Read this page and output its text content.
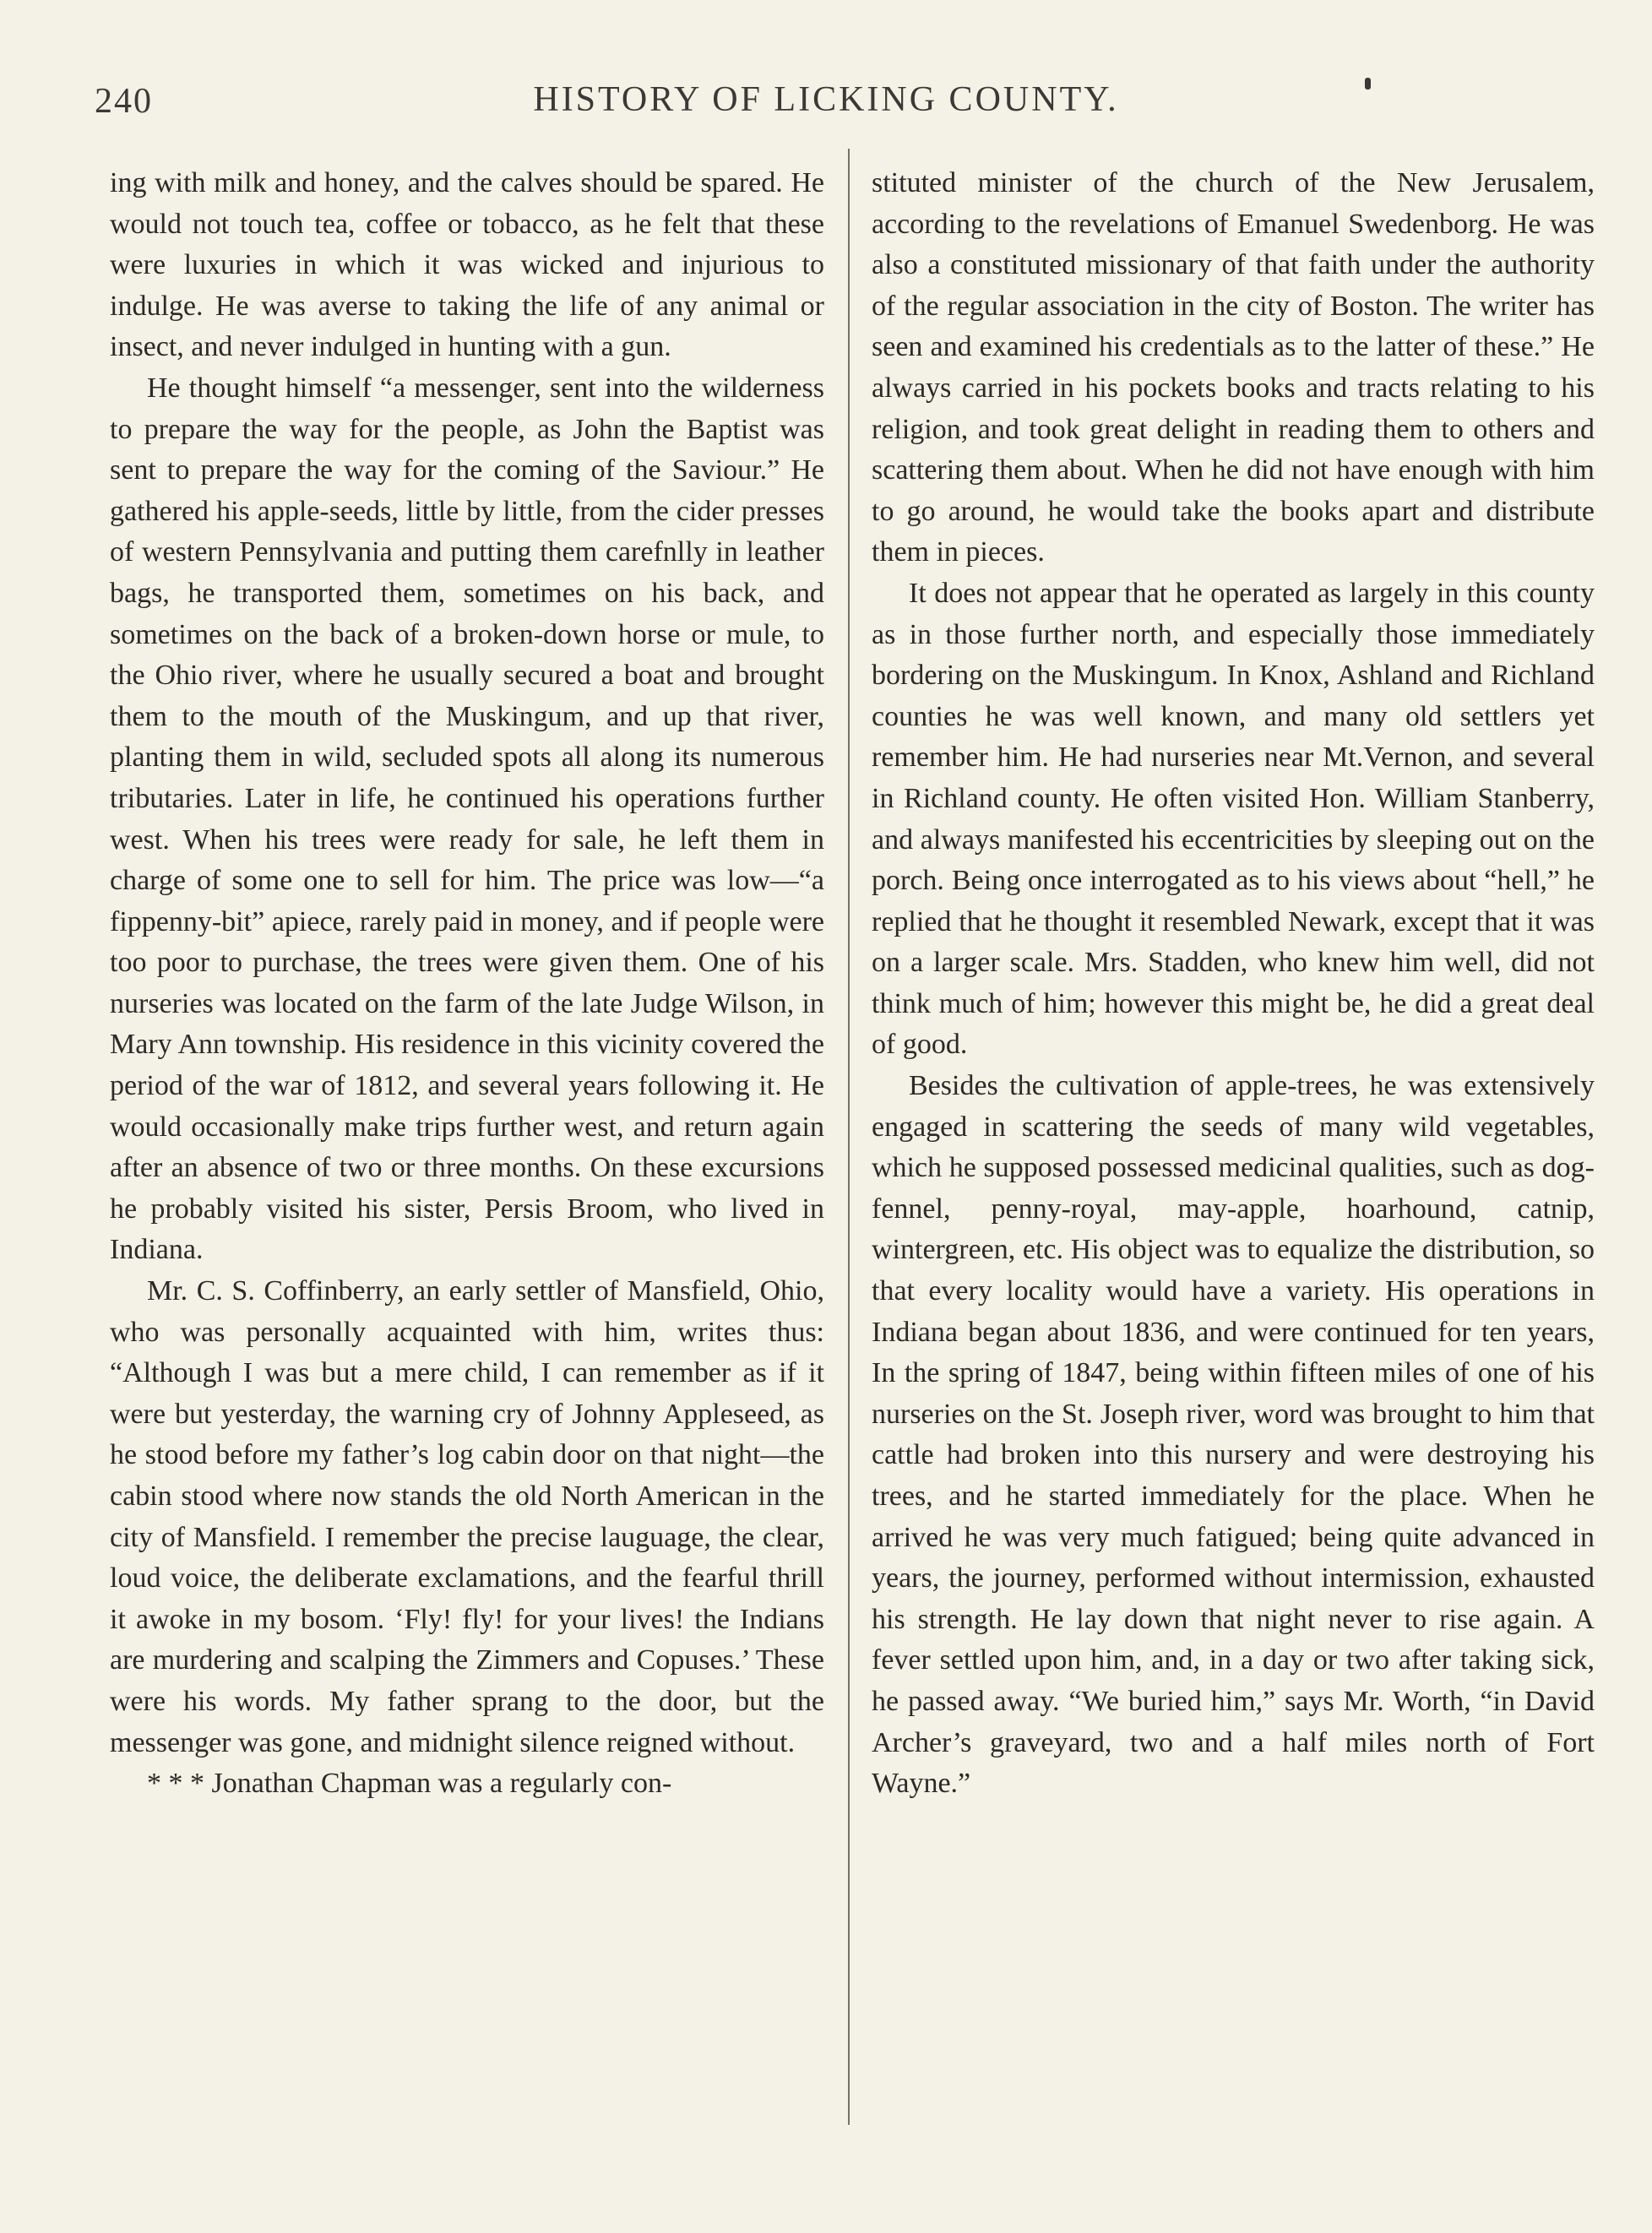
240	HISTORY OF LICKING COUNTY.

ing with milk and honey, and the calves should be spared. He would not touch tea, coffee or tobacco, as he felt that these were luxuries in which it was wicked and injurious to indulge. He was averse to taking the life of any animal or insect, and never indulged in hunting with a gun.

He thought himself “a messenger, sent into the wilderness to prepare the way for the people, as John the Baptist was sent to prepare the way for the coming of the Saviour.” He gathered his apple-seeds, little by little, from the cider presses of western Pennsylvania and putting them carefnlly in leather bags, he transported them, sometimes on his back, and sometimes on the back of a broken-down horse or mule, to the Ohio river, where he usually secured a boat and brought them to the mouth of the Muskingum, and up that river, planting them in wild, secluded spots all along its numerous tributaries. Later in life, he continued his operations further west. When his trees were ready for sale, he left them in charge of some one to sell for him. The price was low—“a fippenny-bit” apiece, rarely paid in money, and if people were too poor to purchase, the trees were given them. One of his nurseries was located on the farm of the late Judge Wilson, in Mary Ann township. His residence in this vicinity covered the period of the war of 1812, and several years following it. He would occasionally make trips further west, and return again after an absence of two or three months. On these excursions he probably visited his sister, Persis Broom, who lived in Indiana.

Mr. C. S. Coffinberry, an early settler of Mansfield, Ohio, who was personally acquainted with him, writes thus: “Although I was but a mere child, I can remember as if it were but yesterday, the warning cry of Johnny Appleseed, as he stood before my father’s log cabin door on that night—the cabin stood where now stands the old North American in the city of Mansfield. I remember the precise lauguage, the clear, loud voice, the deliberate exclamations, and the fearful thrill it awoke in my bosom. ‘Fly! fly! for your lives! the Indians are murdering and scalping the Zimmers and Copuses.’ These were his words. My father sprang to the door, but the messenger was gone, and midnight silence reigned without.

* * * Jonathan Chapman was a regularly con-

stituted minister of the church of the New Jerusalem, according to the revelations of Emanuel Swedenborg. He was also a constituted missionary of that faith under the authority of the regular association in the city of Boston. The writer has seen and examined his credentials as to the latter of these.” He always carried in his pockets books and tracts relating to his religion, and took great delight in reading them to others and scattering them about. When he did not have enough with him to go around, he would take the books apart and distribute them in pieces.

It does not appear that he operated as largely in this county as in those further north, and especially those immediately bordering on the Muskingum. In Knox, Ashland and Richland counties he was well known, and many old settlers yet remember him. He had nurseries near Mt.Vernon, and several in Richland county. He often visited Hon. William Stanberry, and always manifested his eccentricities by sleeping out on the porch. Being once interrogated as to his views about “hell,” he replied that he thought it resembled Newark, except that it was on a larger scale. Mrs. Stadden, who knew him well, did not think much of him; however this might be, he did a great deal of good.

Besides the cultivation of apple-trees, he was extensively engaged in scattering the seeds of many wild vegetables, which he supposed possessed medicinal qualities, such as dog-fennel, penny-royal, may-apple, hoarhound, catnip, wintergreen, etc. His object was to equalize the distribution, so that every locality would have a variety. His operations in Indiana began about 1836, and were continued for ten years, In the spring of 1847, being within fifteen miles of one of his nurseries on the St. Joseph river, word was brought to him that cattle had broken into this nursery and were destroying his trees, and he started immediately for the place. When he arrived he was very much fatigued; being quite advanced in years, the journey, performed without intermission, exhausted his strength. He lay down that night never to rise again. A fever settled upon him, and, in a day or two after taking sick, he passed away. “We buried him,” says Mr. Worth, “in David Archer’s graveyard, two and a half miles north of Fort Wayne.”
